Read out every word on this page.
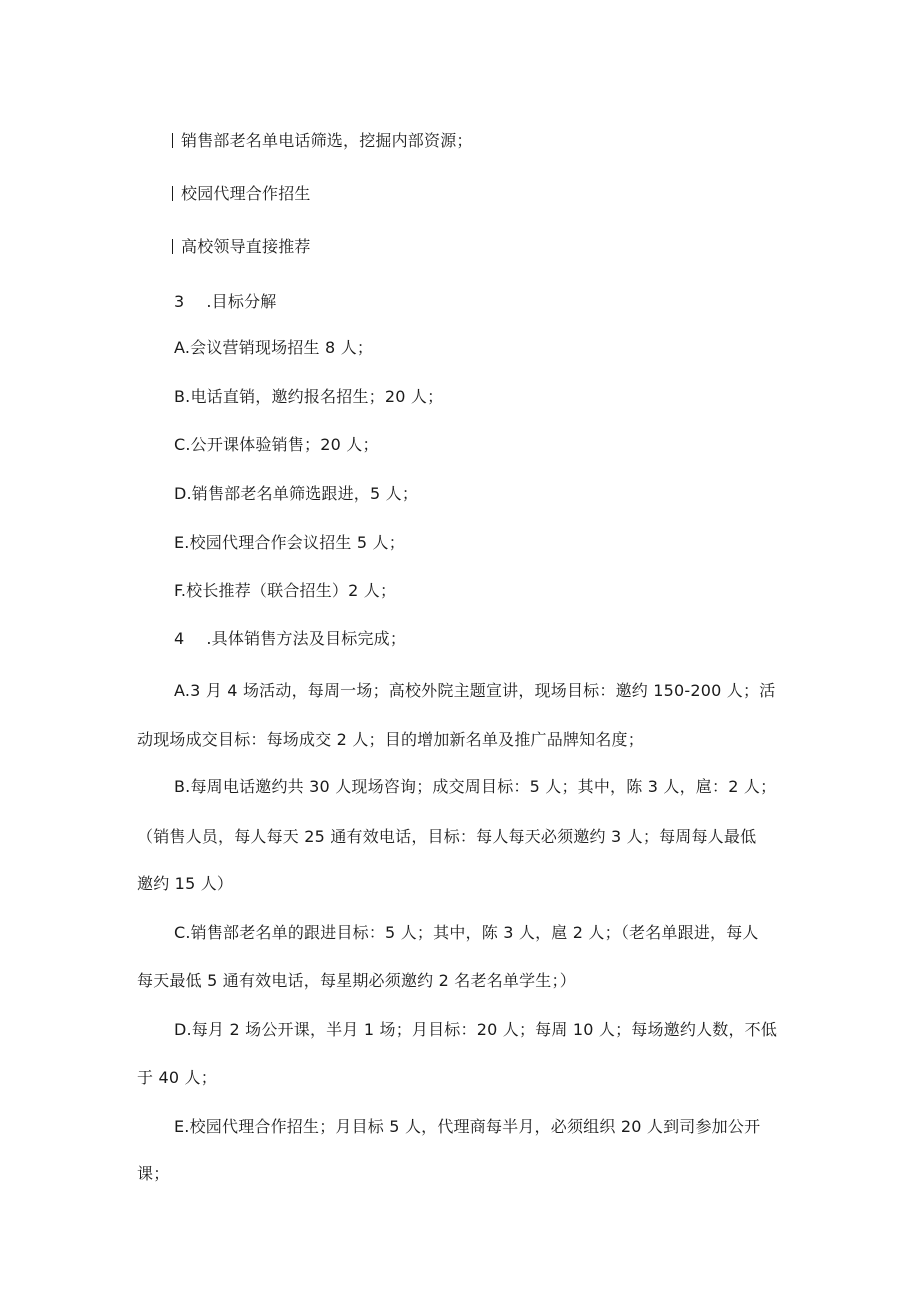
销售部老名单电话筛选，挖掘内部资源；
校园代理合作招生
高校领导直接推荐
3 .目标分解
A.会议营销现场招生 8 人；
B.电话直销，邀约报名招生；20 人；
C.公开课体验销售；20 人；
D.销售部老名单筛选跟进，5 人；
E.校园代理合作会议招生 5 人；
F.校长推荐（联合招生）2 人；
4 .具体销售方法及目标完成；
A.3 月 4 场活动，每周一场；高校外院主题宣讲，现场目标：邀约 150-200 人；活
动现场成交目标：每场成交 2 人；目的增加新名单及推广品牌知名度；
B.每周电话邀约共 30 人现场咨询；成交周目标：5 人；其中，陈 3 人，扈：2 人；
（销售人员，每人每天 25 通有效电话，目标：每人每天必须邀约 3 人；每周每人最低
邀约 15 人）
C.销售部老名单的跟进目标：5 人；其中，陈 3 人，扈 2 人；（老名单跟进，每人
每天最低 5 通有效电话，每星期必须邀约 2 名老名单学生；）
D.每月 2 场公开课，半月 1 场；月目标：20 人；每周 10 人；每场邀约人数，不低
于 40 人；
E.校园代理合作招生；月目标 5 人，代理商每半月，必须组织 20 人到司参加公开
课；
